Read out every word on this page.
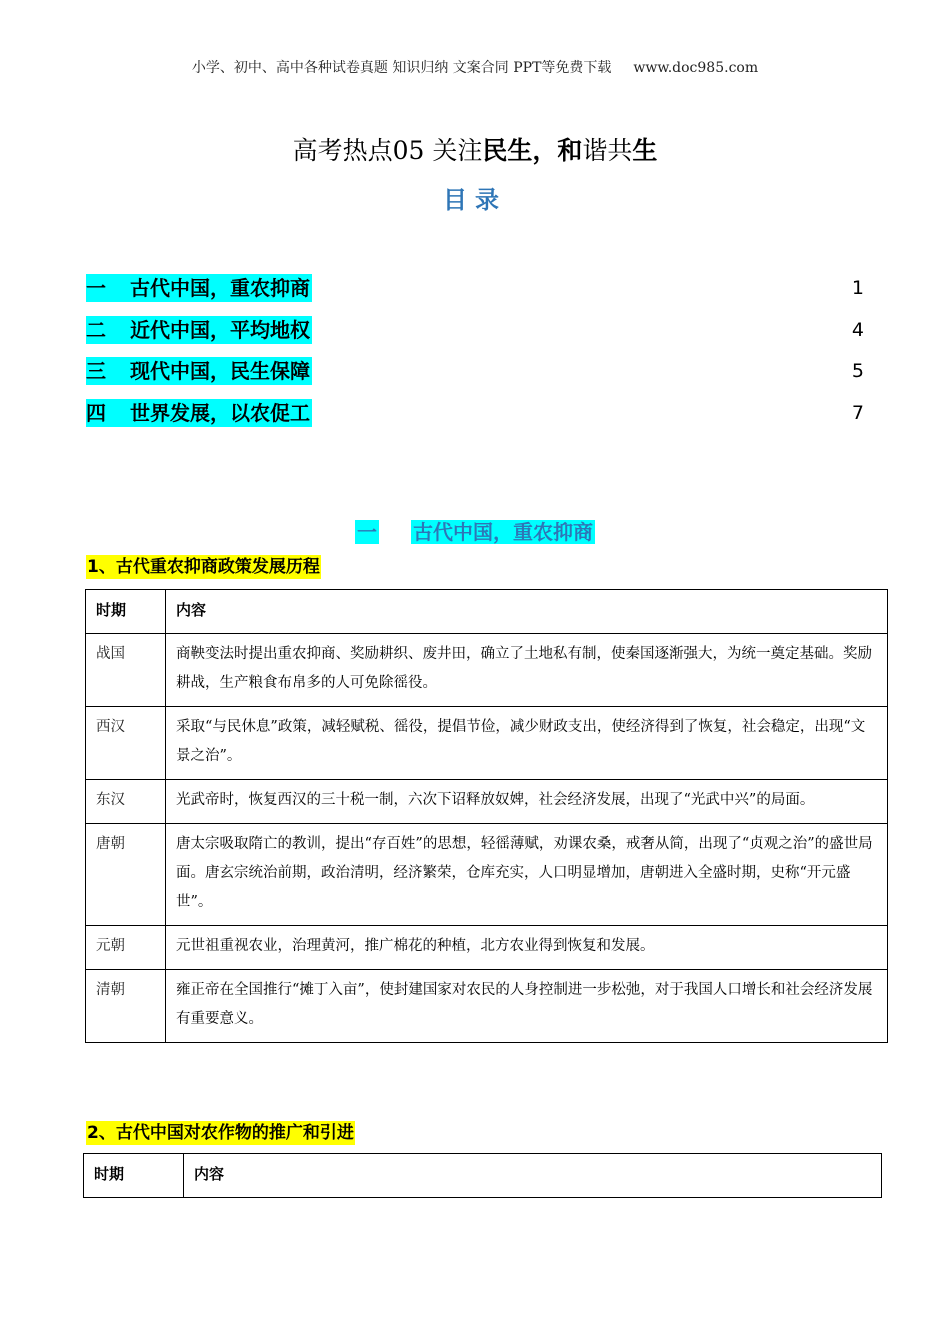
小学、初中、高中各种试卷真题 知识归纳 文案合同 PPT等免费下载 www.doc985.com
高考热点05 关注民生，和谐共生
目录
一 古代中国，重农抑商	1
二 近代中国，平均地权	4
三 现代中国，民生保障	5
四 世界发展，以农促工	7
一 古代中国，重农抑商
1、古代重农抑商政策发展历程
时期	内容
战国	商鞅变法时提出重农抑商、奖励耕织、废井田，确立了土地私有制，使秦国逐渐强大，为统一奠定基础。奖励耕战，生产粮食布帛多的人可免除徭役。
西汉	采取“与民休息”政策，减轻赋税、徭役，提倡节俭，减少财政支出，使经济得到了恢复，社会稳定，出现“文景之治”。
东汉	光武帝时，恢复西汉的三十税一制，六次下诏释放奴婢，社会经济发展，出现了“光武中兴”的局面。
唐朝	唐太宗吸取隋亡的教训，提出“存百姓”的思想，轻徭薄赋，劝课农桑，戒奢从简，出现了“贞观之治”的盛世局面。唐玄宗统治前期，政治清明，经济繁荣，仓库充实，人口明显增加，唐朝进入全盛时期，史称“开元盛世”。
元朝	元世祖重视农业，治理黄河，推广棉花的种植，北方农业得到恢复和发展。
清朝	雍正帝在全国推行“摊丁入亩”，使封建国家对农民的人身控制进一步松弛，对于我国人口增长和社会经济发展有重要意义。
2、古代中国对农作物的推广和引进
时期	内容
